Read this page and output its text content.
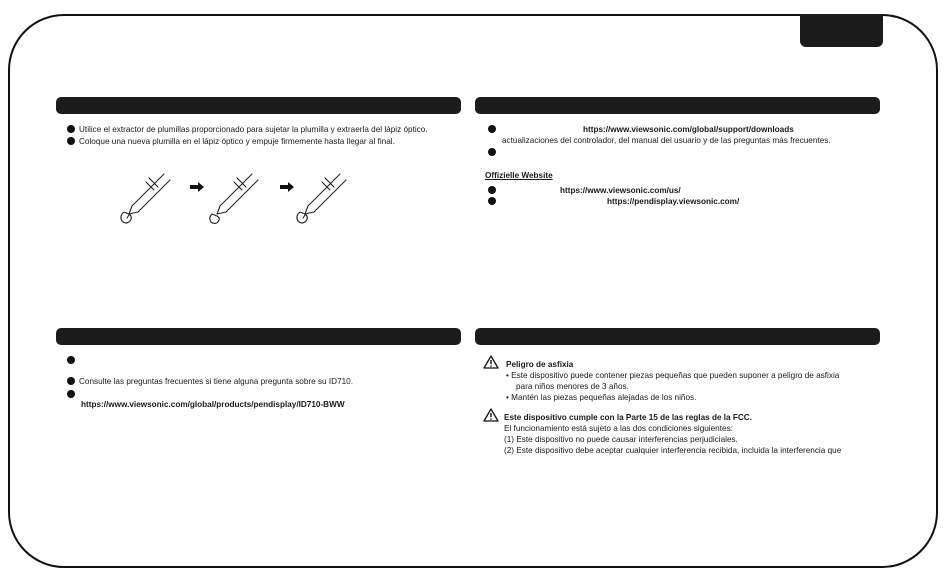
Utilice el extractor de plumillas proporcionado para sujetar la plumilla y extraerla del lápiz óptico.
Coloque una nueva plumilla en el lápiz óptico y empuje firmemente hasta llegar al final.
https://www.viewsonic.com/global/support/downloads
actualizaciones del controlador, del manual del usuario y de las preguntas más frecuentes.
Offizielle Website
https://www.viewsonic.com/us/
https://pendisplay.viewsonic.com/
Consulte las preguntas frecuentes si tiene alguna pregunta sobre su ID710.
https://www.viewsonic.com/global/products/pendisplay/ID710-BWW
Peligro de asfixia
• Este dispositivo puede contener piezas pequeñas que pueden suponer a peligro de asfixia
para niños menores de 3 años.
• Mantén las piezas pequeñas alejadas de los niños.
Este dispositivo cumple con la Parte 15 de las reglas de la FCC.
El funcionamiento está sujeto a las dos condiciones siguientes:
(1) Este dispositivo no puede causar interferencias perjudiciales.
(2) Este dispositivo debe aceptar cualquier interferencia recibida, incluida la interferencia que
